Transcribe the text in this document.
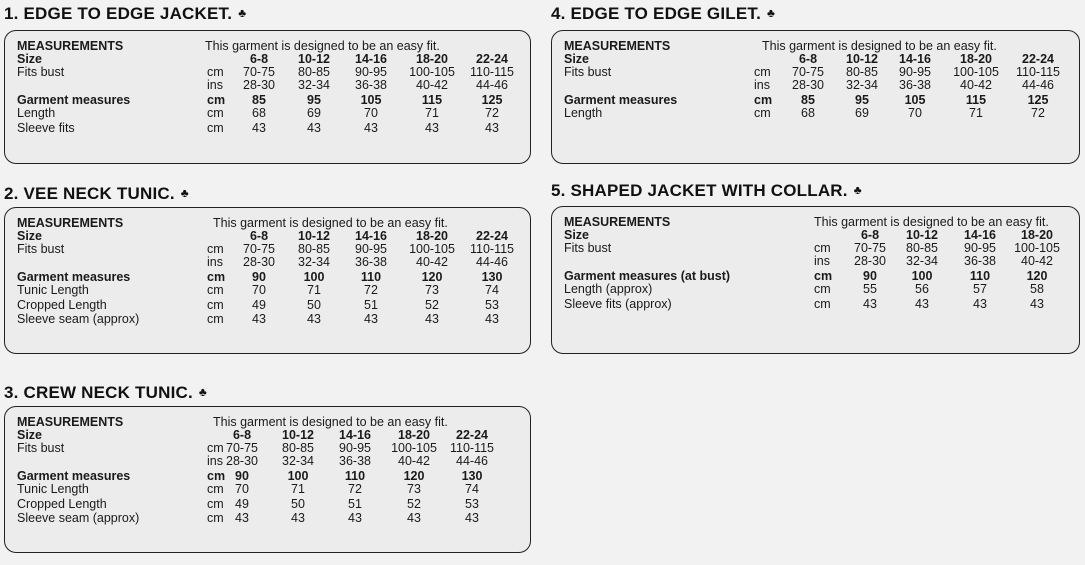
1. EDGE TO EDGE JACKET. ♣
MEASUREMENTS	This garment is designed to be an easy fit.
Size	6-8	10-12	14-16	18-20	22-24
Fits bust	cm	70-75	80-85	90-95	100-105	110-115
ins	28-30	32-34	36-38	40-42	44-46
Garment measures	cm	85	95	105	115	125
Length	cm	68	69	70	71	72
Sleeve fits	cm	43	43	43	43	43
2. VEE NECK TUNIC. ♣
MEASUREMENTS	This garment is designed to be an easy fit.
Size	6-8	10-12	14-16	18-20	22-24
Fits bust	cm	70-75	80-85	90-95	100-105	110-115
ins	28-30	32-34	36-38	40-42	44-46
Garment measures	cm	90	100	110	120	130
Tunic Length	cm	70	71	72	73	74
Cropped Length	cm	49	50	51	52	53
Sleeve seam (approx)	cm	43	43	43	43	43
3. CREW NECK TUNIC. ♣
MEASUREMENTS	This garment is designed to be an easy fit.
Size	6-8	10-12	14-16	18-20	22-24
Fits bust	cm 70-75	80-85	90-95	100-105	110-115
ins 28-30	32-34	36-38	40-42	44-46
Garment measures	cm 90	100	110	120	130
Tunic Length	cm 70	71	72	73	74
Cropped Length	cm 49	50	51	52	53
Sleeve seam (approx)	cm 43	43	43	43	43
4. EDGE TO EDGE GILET. ♣
MEASUREMENTS	This garment is designed to be an easy fit.
Size	6-8	10-12	14-16	18-20	22-24
Fits bust	cm	70-75	80-85	90-95	100-105	110-115
ins	28-30	32-34	36-38	40-42	44-46
Garment measures	cm	85	95	105	115	125
Length	cm	68	69	70	71	72
5. SHAPED JACKET WITH COLLAR. ♣
MEASUREMENTS	This garment is designed to be an easy fit.
Size	6-8	10-12	14-16	18-20
Fits bust	cm	70-75	80-85	90-95	100-105
ins	28-30	32-34	36-38	40-42
Garment measures (at bust)	cm	90	100	110	120
Length (approx)	cm	55	56	57	58
Sleeve fits (approx)	cm	43	43	43	43
